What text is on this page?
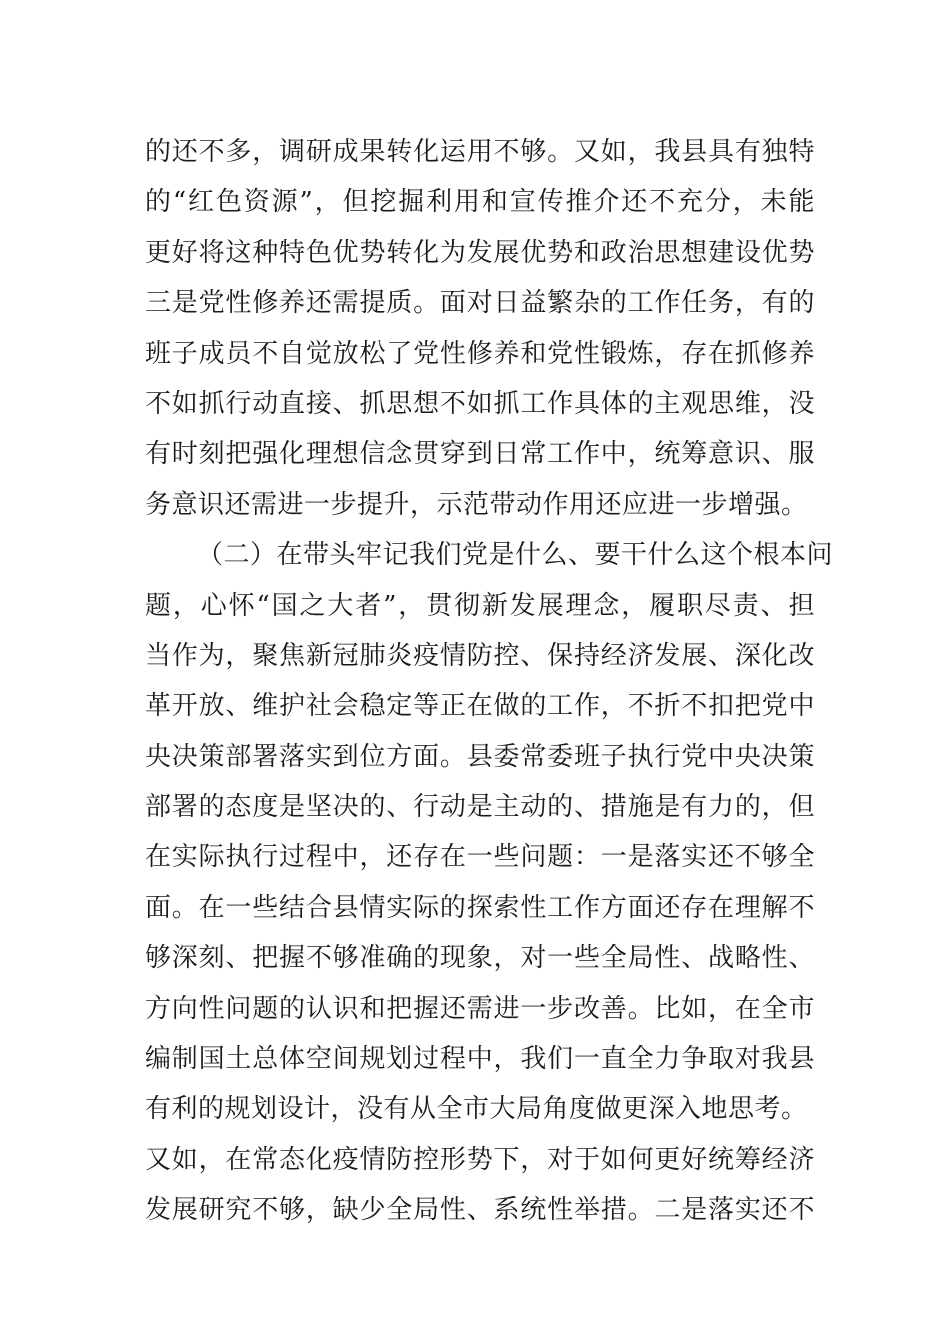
的还不多，调研成果转化运用不够。又如，我县具有独特
的“红色资源”，但挖掘利用和宣传推介还不充分，未能
更好将这种特色优势转化为发展优势和政治思想建设优势
三是党性修养还需提质。面对日益繁杂的工作任务，有的
班子成员不自觉放松了党性修养和党性锻炼，存在抓修养
不如抓行动直接、抓思想不如抓工作具体的主观思维，没
有时刻把强化理想信念贯穿到日常工作中，统筹意识、服
务意识还需进一步提升，示范带动作用还应进一步增强。
（二）在带头牢记我们党是什么、要干什么这个根本问
题，心怀“国之大者”，贯彻新发展理念，履职尽责、担
当作为，聚焦新冠肺炎疫情防控、保持经济发展、深化改
革开放、维护社会稳定等正在做的工作，不折不扣把党中
央决策部署落实到位方面。县委常委班子执行党中央决策
部署的态度是坚决的、行动是主动的、措施是有力的，但
在实际执行过程中，还存在一些问题：一是落实还不够全
面。在一些结合县情实际的探索性工作方面还存在理解不
够深刻、把握不够准确的现象，对一些全局性、战略性、
方向性问题的认识和把握还需进一步改善。比如，在全市
编制国土总体空间规划过程中，我们一直全力争取对我县
有利的规划设计，没有从全市大局角度做更深入地思考。
又如，在常态化疫情防控形势下，对于如何更好统筹经济
发展研究不够，缺少全局性、系统性举措。二是落实还不
